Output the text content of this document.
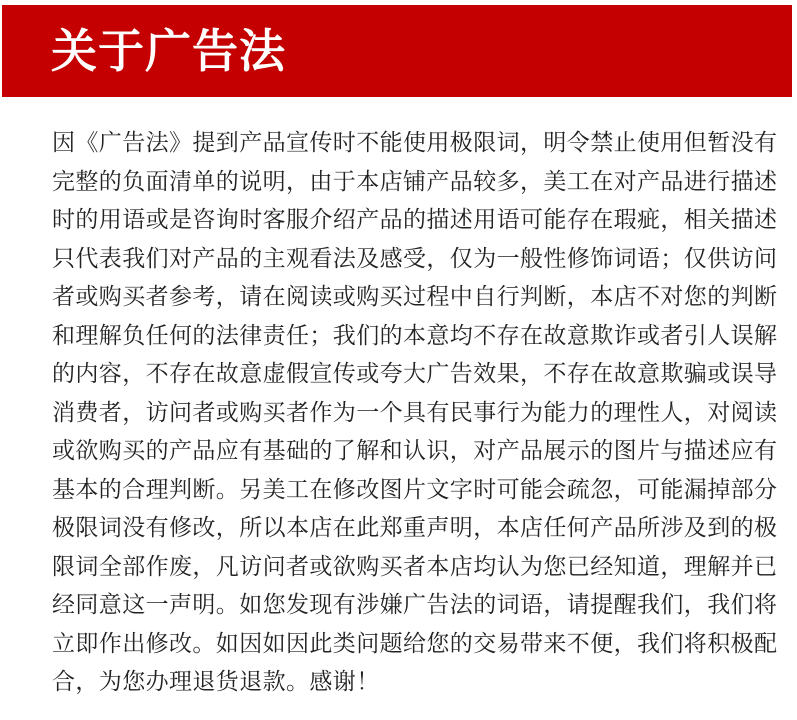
关于广告法
因《广告法》提到产品宣传时不能使用极限词，明令禁止使用但暂没有
完整的负面清单的说明，由于本店铺产品较多，美工在对产品进行描述
时的用语或是咨询时客服介绍产品的描述用语可能存在瑕疵，相关描述
只代表我们对产品的主观看法及感受，仅为一般性修饰词语；仅供访问
者或购买者参考，请在阅读或购买过程中自行判断，本店不对您的判断
和理解负任何的法律责任；我们的本意均不存在故意欺诈或者引人误解
的内容，不存在故意虚假宣传或夸大广告效果，不存在故意欺骗或误导
消费者，访问者或购买者作为一个具有民事行为能力的理性人，对阅读
或欲购买的产品应有基础的了解和认识，对产品展示的图片与描述应有
基本的合理判断。另美工在修改图片文字时可能会疏忽，可能漏掉部分
极限词没有修改，所以本店在此郑重声明，本店任何产品所涉及到的极
限词全部作废，凡访问者或欲购买者本店均认为您已经知道，理解并已
经同意这一声明。如您发现有涉嫌广告法的词语，请提醒我们，我们将
立即作出修改。如因如因此类问题给您的交易带来不便，我们将积极配
合，为您办理退货退款。感谢！
